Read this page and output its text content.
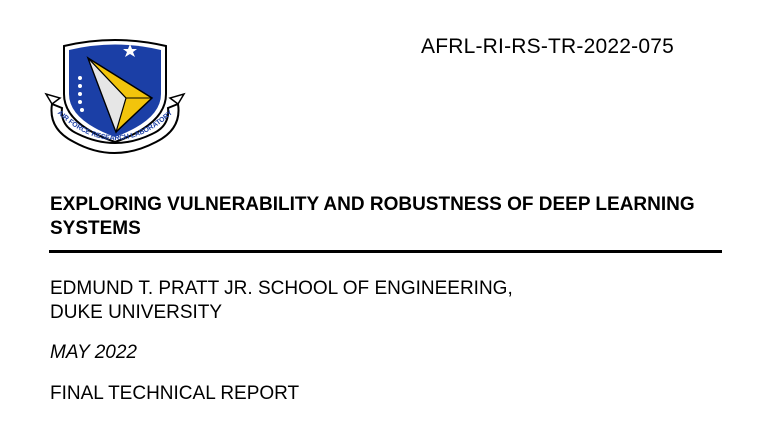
AIR FORCE RESEARCH LABORATORY
AFRL-RI-RS-TR-2022-075
EXPLORING VULNERABILITY AND ROBUSTNESS OF DEEP LEARNING SYSTEMS
EDMUND T. PRATT JR. SCHOOL OF ENGINEERING,
DUKE UNIVERSITY
MAY 2022
FINAL TECHNICAL REPORT
